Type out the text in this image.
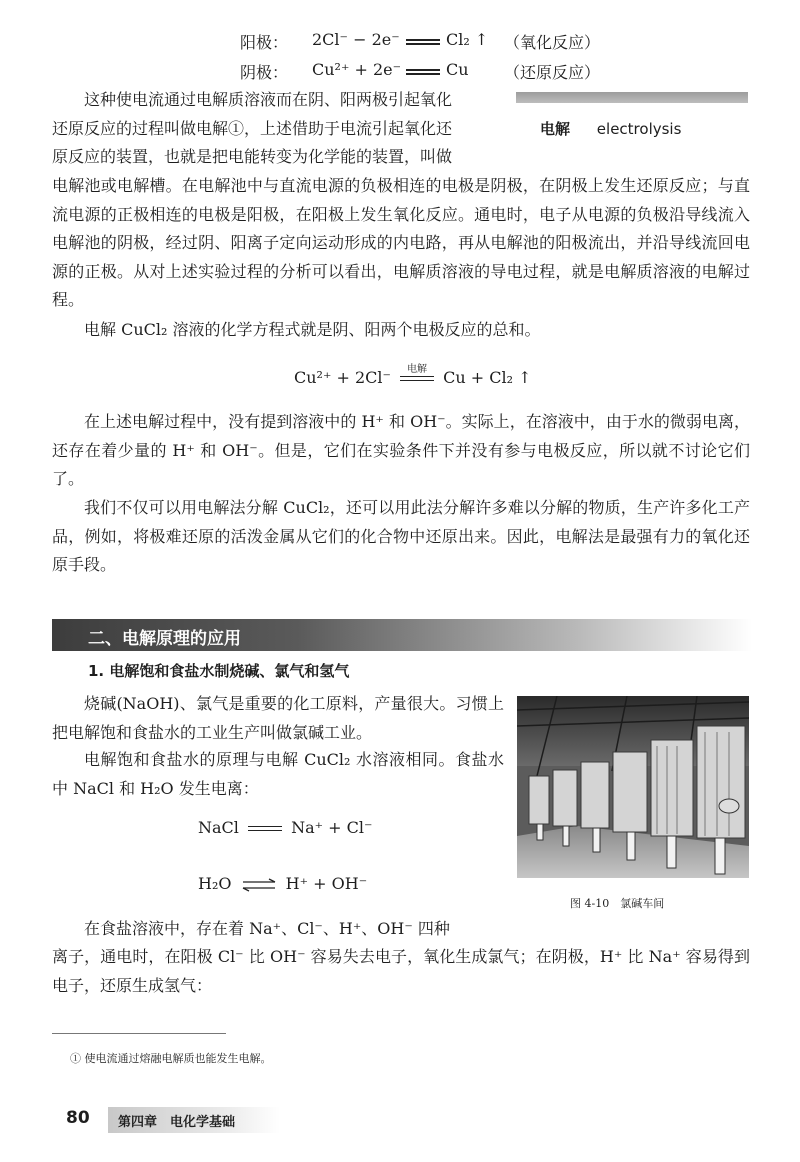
阳极： 2Cl⁻ − 2e⁻	Cl₂ ↑ （氧化反应）
阴极： Cu²⁺ + 2e⁻	Cu （还原反应）
电解 electrolysis

这种使电流通过电解质溶液而在阴、阳两极引起氧化

还原反应的过程叫做电解①，上述借助于电流引起氧化还

原反应的装置，也就是把电能转变为化学能的装置，叫做

电解池或电解槽。在电解池中与直流电源的负极相连的电极是阴极，在阴极上发生还原反应；与直流电源的正极相连的电极是阳极，在阳极上发生氧化反应。通电时，电子从电源的负极沿导线流入电解池的阴极，经过阴、阳离子定向运动形成的内电路，再从电解池的阳极流出，并沿导线流回电源的正极。从对上述实验过程的分析可以看出，电解质溶液的导电过程，就是电解质溶液的电解过程。

电解 CuCl₂ 溶液的化学方程式就是阴、阳两个电极反应的总和。

Cu²⁺ + 2Cl⁻	电解	Cu + Cl₂ ↑

在上述电解过程中，没有提到溶液中的 H⁺ 和 OH⁻。实际上，在溶液中，由于水的微弱电离，还存在着少量的 H⁺ 和 OH⁻。但是，它们在实验条件下并没有参与电极反应，所以就不讨论它们了。

我们不仅可以用电解法分解 CuCl₂，还可以用此法分解许多难以分解的物质，生产许多化工产品，例如，将极难还原的活泼金属从它们的化合物中还原出来。因此，电解法是最强有力的氧化还原手段。

二、电解原理的应用
1. 电解饱和食盐水制烧碱、氯气和氢气

烧碱(NaOH)、氯气是重要的化工原料，产量很大。习惯上把电解饱和食盐水的工业生产叫做氯碱工业。

电解饱和食盐水的原理与电解 CuCl₂ 水溶液相同。食盐水中 NaCl 和 H₂O 发生电离：

NaCl	Na⁺ + Cl⁻
H₂O ⇌ H⁺ + OH⁻
图 4-10　氯碱车间

在食盐溶液中，存在着 Na⁺、Cl⁻、H⁺、OH⁻ 四种

离子，通电时，在阳极 Cl⁻ 比 OH⁻ 容易失去电子，氧化生成氯气；在阴极，H⁺ 比 Na⁺ 容易得到电子，还原生成氢气：

① 使电流通过熔融电解质也能发生电解。
80 第四章　电化学基础
